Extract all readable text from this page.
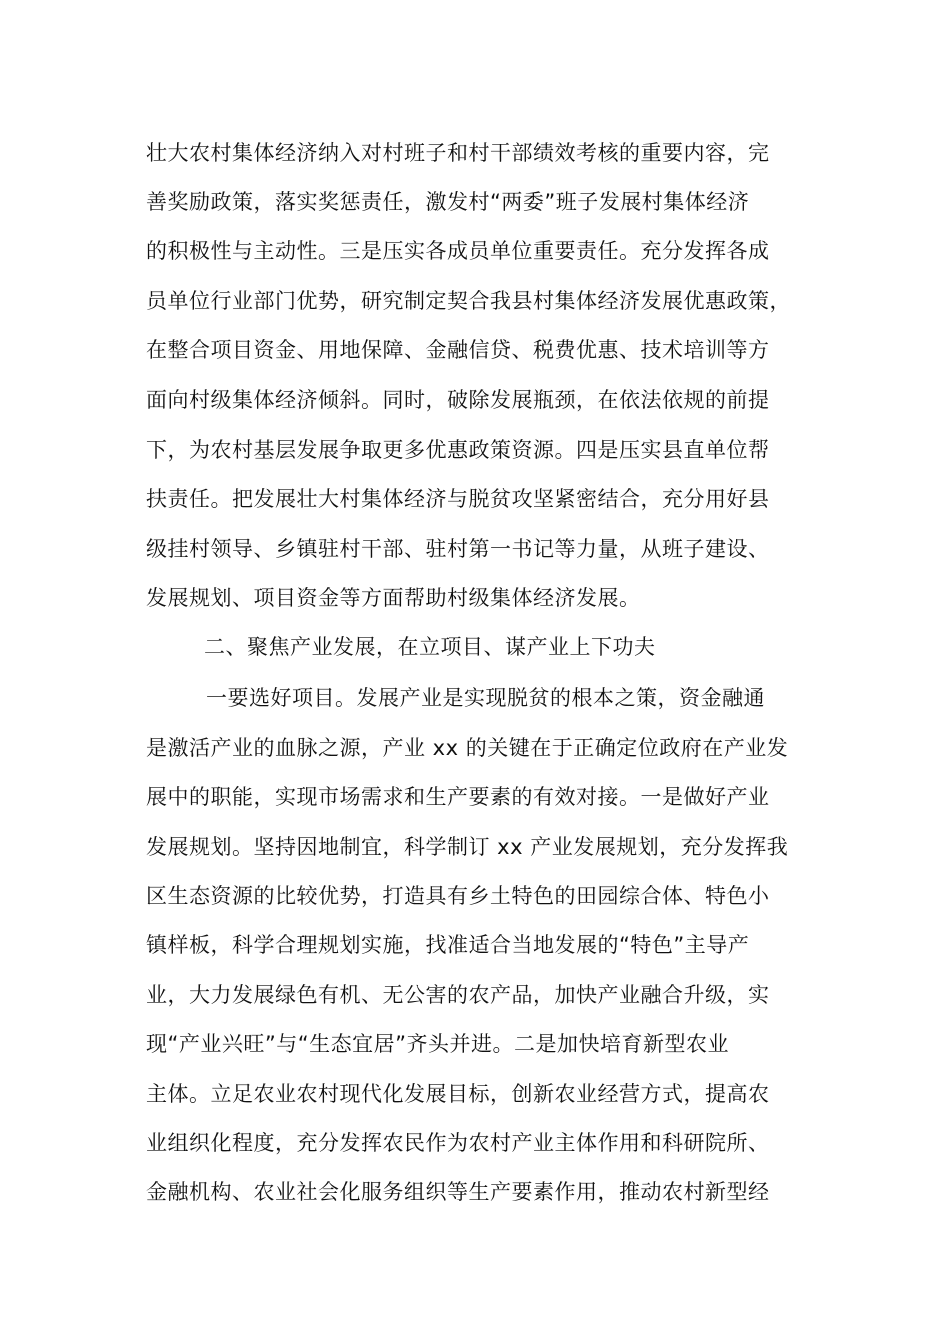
壮大农村集体经济纳入对村班子和村干部绩效考核的重要内容，完
善奖励政策，落实奖惩责任，激发村“两委”班子发展村集体经济
的积极性与主动性。三是压实各成员单位重要责任。充分发挥各成
员单位行业部门优势，研究制定契合我县村集体经济发展优惠政策，
在整合项目资金、用地保障、金融信贷、税费优惠、技术培训等方
面向村级集体经济倾斜。同时，破除发展瓶颈，在依法依规的前提
下，为农村基层发展争取更多优惠政策资源。四是压实县直单位帮
扶责任。把发展壮大村集体经济与脱贫攻坚紧密结合，充分用好县
级挂村领导、乡镇驻村干部、驻村第一书记等力量，从班子建设、
发展规划、项目资金等方面帮助村级集体经济发展。
二、聚焦产业发展，在立项目、谋产业上下功夫
一要选好项目。发展产业是实现脱贫的根本之策，资金融通
是激活产业的血脉之源，产业 xx 的关键在于正确定位政府在产业发
展中的职能，实现市场需求和生产要素的有效对接。一是做好产业
发展规划。坚持因地制宜，科学制订 xx 产业发展规划，充分发挥我
区生态资源的比较优势，打造具有乡土特色的田园综合体、特色小
镇样板，科学合理规划实施，找准适合当地发展的“特色”主导产
业，大力发展绿色有机、无公害的农产品，加快产业融合升级，实
现“产业兴旺”与“生态宜居”齐头并进。二是加快培育新型农业
主体。立足农业农村现代化发展目标，创新农业经营方式，提高农
业组织化程度，充分发挥农民作为农村产业主体作用和科研院所、
金融机构、农业社会化服务组织等生产要素作用，推动农村新型经
